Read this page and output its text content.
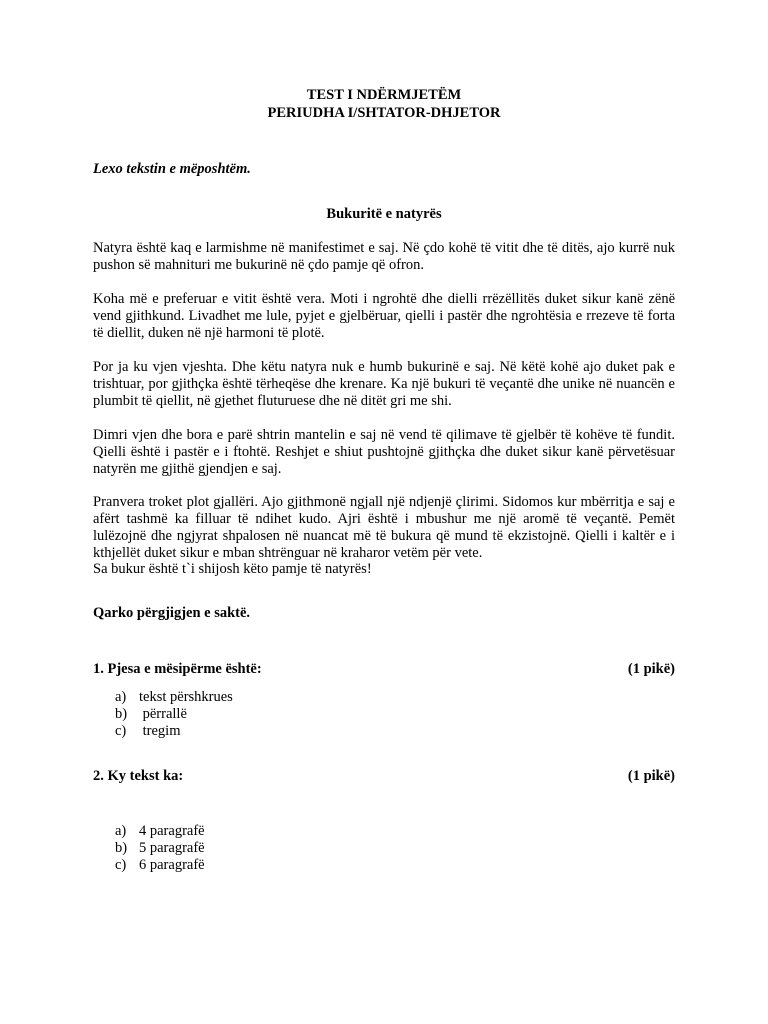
TEST I NDËRMJETËM
PERIUDHA I/SHTATOR-DHJETOR
Lexo tekstin e mëposhtëm.
Bukuritë e natyrës
Natyra është kaq e larmishme në manifestimet e saj. Në çdo kohë të vitit dhe të ditës, ajo kurrë nuk pushon së mahnituri me bukurinë në çdo pamje që ofron.
Koha më e preferuar e vitit është vera. Moti i ngrohtë dhe dielli rrëzëllitës duket sikur kanë zënë vend gjithkund. Livadhet me lule, pyjet e gjelbëruar, qielli i pastër dhe ngrohtësia e rrezeve të forta të diellit, duken në një harmoni të plotë.
Por ja ku vjen vjeshta. Dhe këtu natyra nuk e humb bukurinë e saj. Në këtë kohë ajo duket pak e trishtuar, por gjithçka është tërheqëse dhe krenare. Ka një bukuri të veçantë dhe unike në nuancën e plumbit të qiellit, në gjethet fluturuese dhe në ditët gri me shi.
Dimri vjen dhe bora e parë shtrin mantelin e saj në vend të qilimave të gjelbër të kohëve të fundit. Qielli është i pastër e i ftohtë. Reshjet e shiut pushtojnë gjithçka dhe duket sikur kanë përvetësuar natyrën me gjithë gjendjen e saj.
Pranvera troket plot gjallëri. Ajo gjithmonë ngjall një ndjenjë çlirimi. Sidomos kur mbërritja e saj e afërt tashmë ka filluar të ndihet kudo. Ajri është i mbushur me një aromë të veçantë. Pemët lulëzojnë dhe ngjyrat shpalosen në nuancat më të bukura që mund të ekzistojnë. Qielli i kaltër e i kthjellët duket sikur e mban shtrënguar në kraharor vetëm për vete.
Sa bukur është t`i shijosh këto pamje të natyrës!
Qarko përgjigjen e saktë.
1. Pjesa e mësipërme është:	(1 pikë)
a) tekst përshkrues
b) përrallë
c) tregim
2. Ky tekst ka:	(1 pikë)
a) 4 paragrafë
b) 5 paragrafë
c) 6 paragrafë
